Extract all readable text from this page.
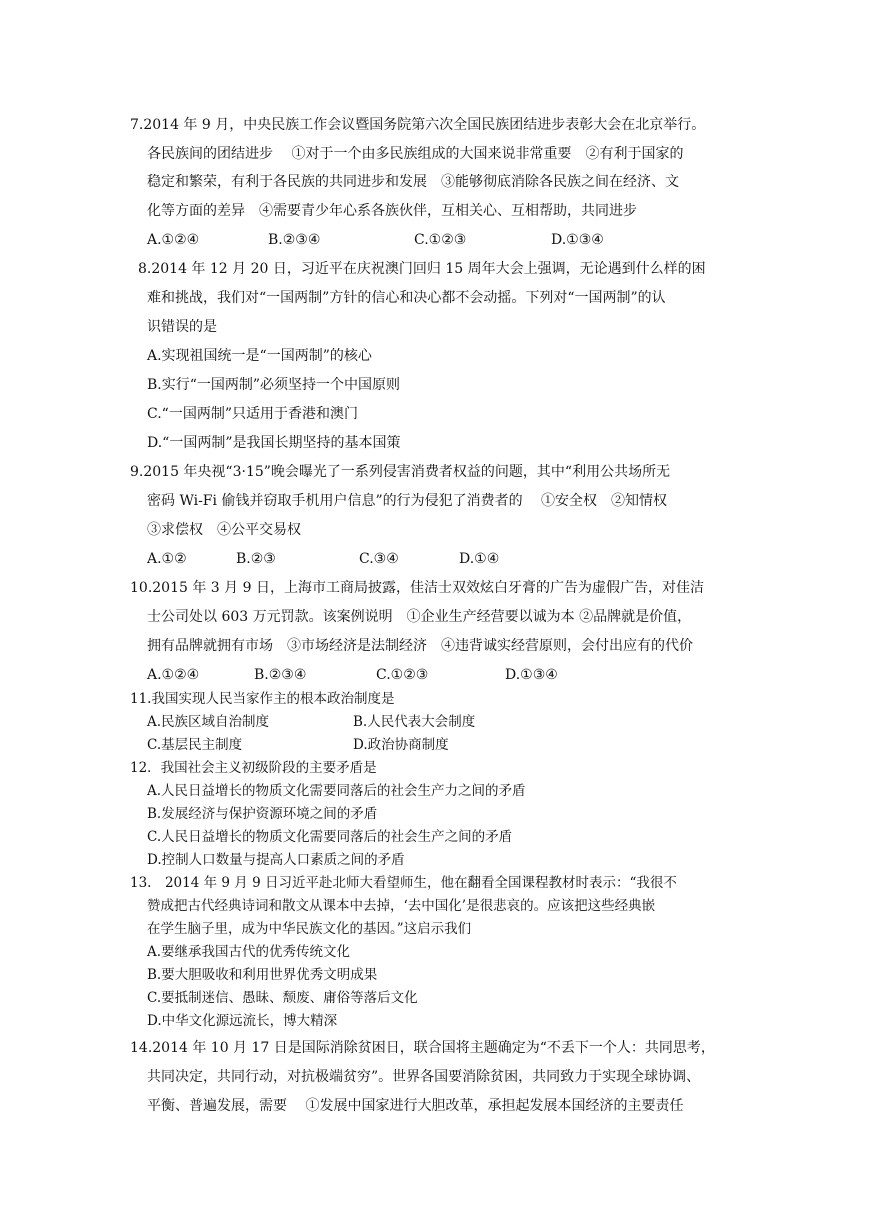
7.2014 年 9 月，中央民族工作会议暨国务院第六次全国民族团结进步表彰大会在北京举行。
各民族间的团结进步　 ①对于一个由多民族组成的大国来说非常重要　②有利于国家的
稳定和繁荣，有利于各民族的共同进步和发展　③能够彻底消除各民族之间在经济、文
化等方面的差异　④需要青少年心系各族伙伴，互相关心、互相帮助，共同进步
A.①②④	B.②③④	C.①②③	D.①③④
8.2014 年 12 月 20 日，习近平在庆祝澳门回归 15 周年大会上强调，无论遇到什么样的困
难和挑战，我们对“一国两制”方针的信心和决心都不会动摇。下列对“一国两制”的认
识错误的是
A.实现祖国统一是“一国两制”的核心
B.实行“一国两制”必须坚持一个中国原则
C.“一国两制”只适用于香港和澳门
D.“一国两制”是我国长期坚持的基本国策
9.2015 年央视“3·15”晚会曝光了一系列侵害消费者权益的问题，其中“利用公共场所无
密码 Wi-Fi 偷钱并窃取手机用户信息”的行为侵犯了消费者的　 ①安全权　②知情权
③求偿权　④公平交易权
A.①②	B.②③	C.③④	D.①④
10.2015 年 3 月 9 日，上海市工商局披露，佳洁士双效炫白牙膏的广告为虚假广告，对佳洁
士公司处以 603 万元罚款。该案例说明　①企业生产经营要以诚为本 ②品牌就是价值，
拥有品牌就拥有市场　③市场经济是法制经济　④违背诚实经营原则，会付出应有的代价
A.①②④	B.②③④	C.①②③	D.①③④
11.我国实现人民当家作主的根本政治制度是
A.民族区域自治制度	B.人民代表大会制度
C.基层民主制度	D.政治协商制度
12．我国社会主义初级阶段的主要矛盾是
A.人民日益增长的物质文化需要同落后的社会生产力之间的矛盾
B.发展经济与保护资源环境之间的矛盾
C.人民日益增长的物质文化需要同落后的社会生产之间的矛盾
D.控制人口数量与提高人口素质之间的矛盾
13.　2014 年 9 月 9 日习近平赴北师大看望师生，他在翻看全国课程教材时表示：“我很不
赞成把古代经典诗词和散文从课本中去掉，‘去中国化’是很悲哀的。应该把这些经典嵌
在学生脑子里，成为中华民族文化的基因。”这启示我们
A.要继承我国古代的优秀传统文化
B.要大胆吸收和利用世界优秀文明成果
C.要抵制迷信、愚昧、颓废、庸俗等落后文化
D.中华文化源远流长，博大精深
14.2014 年 10 月 17 日是国际消除贫困日，联合国将主题确定为“不丢下一个人：共同思考，
共同决定，共同行动，对抗极端贫穷”。世界各国要消除贫困，共同致力于实现全球协调、
平衡、普遍发展，需要　 ①发展中国家进行大胆改革，承担起发展本国经济的主要责任
